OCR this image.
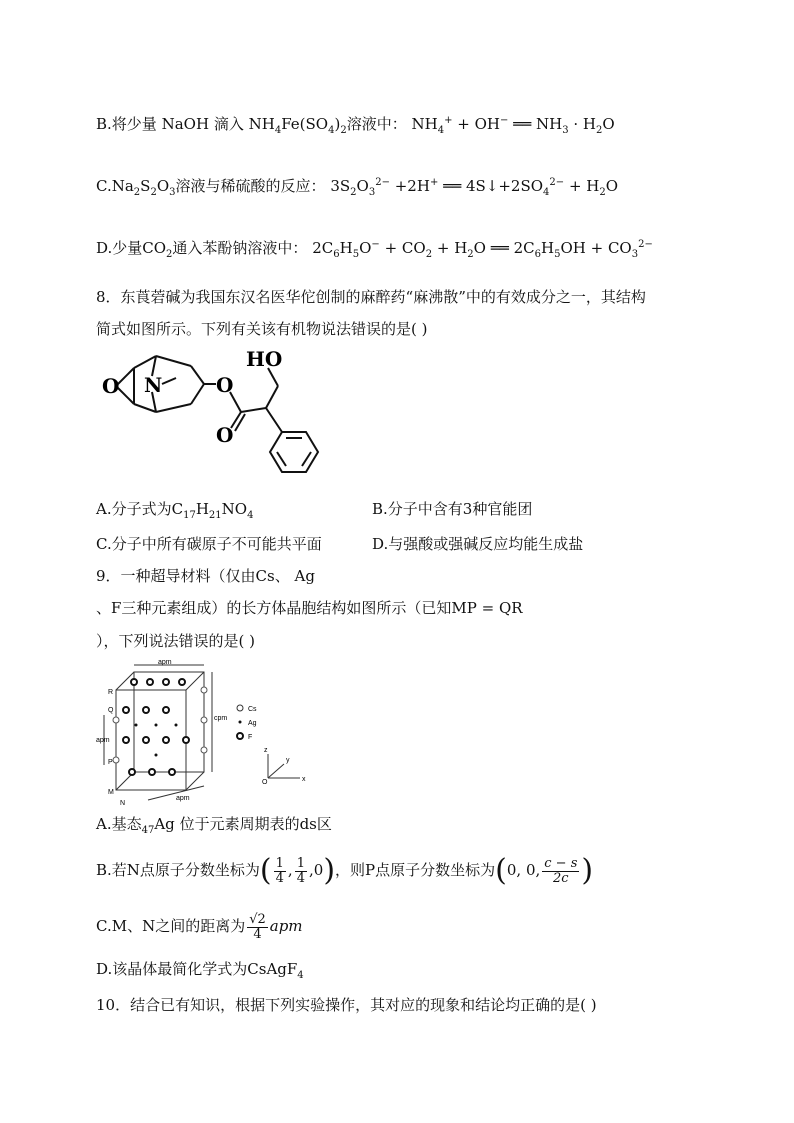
B.将少量 NaOH 滴入 $NH_4Fe(SO_4)_2$溶液中： $NH_4^+ + OH^-$ ══ $NH_3 \cdot H_2O$
$C.Na_2S_2O_3$溶液与稀硫酸的反应： $3S_2O_3^{2-} +2H^+$ ══ $4S↓+2SO_4^{2-} + H_2O$
D.少量$CO_2$通入苯酚钠溶液中： $2C_6H_5O^- + CO_2 + H_2O$ ══ $2C_6H_5OH + CO_3^{2-}$
8．东莨菪碱为我国东汉名医华佗创制的麻醉药“麻沸散”中的有效成分之一，其结构
简式如图所示。下列有关该有机物说法错误的是( )
O N	O
O
HO
A.分子式为$C_{17}H_{21}NO_4$	B.分子中含有3种官能团
C.分子中所有碳原子不可能共平面	D.与强酸或强碱反应均能生成盐
9．一种超导材料（仅由Cs、 Ag
、F三种元素组成）的长方体晶胞结构如图所示（已知MP = QR
），下列说法错误的是( )
apm
cpm
apm
apm
R
Q
P
M
N
Cs
Ag
F
x
y
z
O
A.基态$_{47}$Ag 位于元素周期表的ds区
B.若N点原子分数坐标为( $\frac{1}{4}$ , $\frac{1}{4} ,0$)，则P点原子分数坐标为(0, 0, $\frac{c - s}{2c}$ )
C.M、N之间的距离为 $\frac{√2}{4}$ apm
D.该晶体最简化学式为CsAgF$_4$
10．结合已有知识，根据下列实验操作，其对应的现象和结论均正确的是( )
